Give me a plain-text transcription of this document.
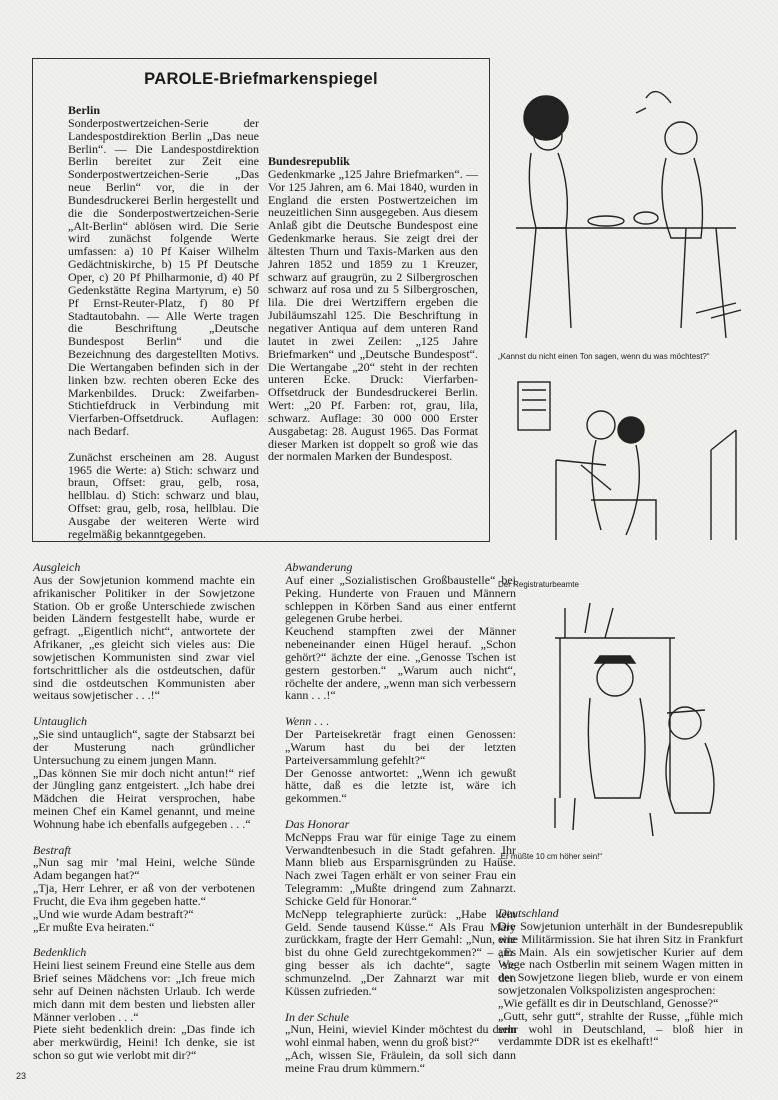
PAROLE-Briefmarkenspiegel
Berlin

Sonderpostwertzeichen-Serie der Landespostdirektion Berlin „Das neue Berlin“. — Die Landespostdirektion Berlin bereitet zur Zeit eine Sonderpostwertzeichen-Serie „Das neue Berlin“ vor, die in der Bundesdruckerei Berlin hergestellt und die die Sonderpostwertzeichen-Serie „Alt-Berlin“ ablösen wird. Die Serie wird zunächst folgende Werte umfassen: a) 10 Pf Kaiser Wilhelm Gedächtniskirche, b) 15 Pf Deutsche Oper, c) 20 Pf Philharmonie, d) 40 Pf Gedenkstätte Regina Martyrum, e) 50 Pf Ernst-Reuter-Platz, f) 80 Pf Stadtautobahn. — Alle Werte tragen die Beschriftung „Deutsche Bundespost Berlin“ und die Bezeichnung des dargestellten Motivs. Die Wertangaben befinden sich in der linken bzw. rechten oberen Ecke des Markenbildes. Druck: Zweifarben-Stichtiefdruck in Verbindung mit Vierfarben-Offsetdruck. Auflagen: nach Bedarf.

Zunächst erscheinen am 28. August 1965 die Werte: a) Stich: schwarz und braun, Offset: grau, gelb, rosa, hellblau. d) Stich: schwarz und blau, Offset: grau, gelb, rosa, hellblau. Die Ausgabe der weiteren Werte wird regelmäßig bekanntgegeben.

Bundesrepublik

Gedenkmarke „125 Jahre Briefmarken“. — Vor 125 Jahren, am 6. Mai 1840, wurden in England die ersten Postwertzeichen im neuzeitlichen Sinn ausgegeben. Aus diesem Anlaß gibt die Deutsche Bundespost eine Gedenkmarke heraus. Sie zeigt drei der ältesten Thurn und Taxis-Marken aus den Jahren 1852 und 1859 zu 1 Kreuzer, schwarz auf graugrün, zu 2 Silbergroschen schwarz auf rosa und zu 5 Silbergroschen, lila. Die drei Wertziffern ergeben die Jubiläumszahl 125. Die Beschriftung in negativer Antiqua auf dem unteren Rand lautet in zwei Zeilen: „125 Jahre Briefmarken“ und „Deutsche Bundespost“. Die Wertangabe „20“ steht in der rechten unteren Ecke. Druck: Vierfarben-Offsetdruck der Bundesdruckerei Berlin. Wert: „20 Pf. Farben: rot, grau, lila, schwarz. Auflage: 30 000 000 Erster Ausgabetag: 28. August 1965. Das Format dieser Marken ist doppelt so groß wie das der normalen Marken der Bundespost.

„Kannst du nicht einen Ton sagen, wenn du was möchtest?“
Der Registraturbeamte
„Er müßte 10 cm höher sein!“
Ausgleich

Aus der Sowjetunion kommend machte ein afrikanischer Politiker in der Sowjetzone Station. Ob er große Unterschiede zwischen beiden Ländern festgestellt habe, wurde er gefragt. „Eigentlich nicht“, antwortete der Afrikaner, „es gleicht sich vieles aus: Die sowjetischen Kommunisten sind zwar viel fortschrittlicher als die ostdeutschen, dafür sind die ostdeutschen Kommunisten aber weitaus sowjetischer . . .!“

Untauglich

„Sie sind untauglich“, sagte der Stabsarzt bei der Musterung nach gründlicher Untersuchung zu einem jungen Mann.

„Das können Sie mir doch nicht antun!“ rief der Jüngling ganz entgeistert. „Ich habe drei Mädchen die Heirat versprochen, habe meinen Chef ein Kamel genannt, und meine Wohnung habe ich ebenfalls aufgegeben . . .“

Bestraft

„Nun sag mir ’mal Heini, welche Sünde Adam begangen hat?“

„Tja, Herr Lehrer, er aß von der verbotenen Frucht, die Eva ihm gegeben hatte.“

„Und wie wurde Adam bestraft?“

„Er mußte Eva heiraten.“

Bedenklich

Heini liest seinem Freund eine Stelle aus dem Brief seines Mädchens vor: „Ich freue mich sehr auf Deinen nächsten Urlaub. Ich werde mich dann mit dem besten und liebsten aller Männer verloben . . .“

Piete sieht bedenklich drein: „Das finde ich aber merkwürdig, Heini! Ich denke, sie ist schon so gut wie verlobt mit dir?“

Abwanderung

Auf einer „Sozialistischen Großbaustelle“ bei Peking. Hunderte von Frauen und Männern schleppen in Körben Sand aus einer entfernt gelegenen Grube herbei.

Keuchend stampften zwei der Männer nebeneinander einen Hügel herauf. „Schon gehört?“ ächzte der eine. „Genosse Tschen ist gestern gestorben.“ „Warum auch nicht“, röchelte der andere, „wenn man sich verbessern kann . . .!“

Wenn . . .

Der Parteisekretär fragt einen Genossen: „Warum hast du bei der letzten Parteiversammlung gefehlt?“

Der Genosse antwortet: „Wenn ich gewußt hätte, daß es die letzte ist, wäre ich gekommen.“

Das Honorar

McNepps Frau war für einige Tage zu einem Verwandtenbesuch in die Stadt gefahren. Ihr Mann blieb aus Ersparnisgründen zu Hause. Nach zwei Tagen erhält er von seiner Frau ein Telegramm: „Mußte dringend zum Zahnarzt. Schicke Geld für Honorar.“

McNepp telegraphierte zurück: „Habe kein Geld. Sende tausend Küsse.“ Als Frau Mary zurückkam, fragte der Herr Gemahl: „Nun, wie bist du ohne Geld zurechtgekommen?“ – „Es ging besser als ich dachte“, sagte sie schmunzelnd. „Der Zahnarzt war mit den Küssen zufrieden.“

In der Schule

„Nun, Heini, wieviel Kinder möchtest du denn wohl einmal haben, wenn du groß bist?“

„Ach, wissen Sie, Fräulein, da soll sich dann meine Frau drum kümmern.“

Deutschland

Die Sowjetunion unterhält in der Bundesrepublik eine Militärmission. Sie hat ihren Sitz in Frankfurt am Main. Als ein sowjetischer Kurier auf dem Wege nach Ostberlin mit seinem Wagen mitten in der Sowjetzone liegen blieb, wurde er von einem sowjetzonalen Volkspolizisten angesprochen:

„Wie gefällt es dir in Deutschland, Genosse?“

„Gutt, sehr gutt“, strahlte der Russe, „fühle mich sehr wohl in Deutschland, – bloß hier in verdammte DDR ist es ekelhaft!“

23
